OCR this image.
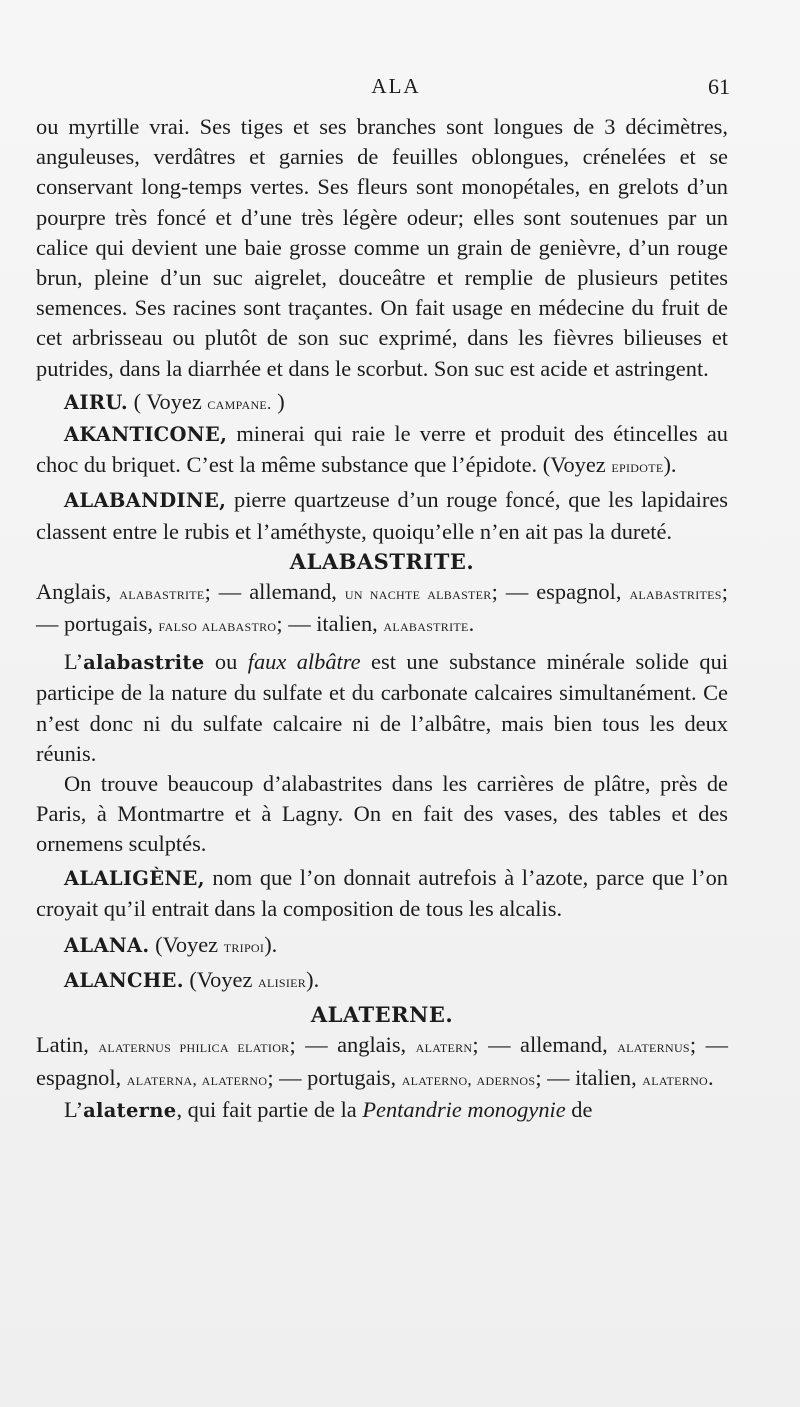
ALA	61

ou myrtille vrai. Ses tiges et ses branches sont longues de 3 décimètres, anguleuses, verdâtres et garnies de feuilles oblongues, crénelées et se conservant long-temps vertes. Ses fleurs sont monopétales, en grelots d’un pourpre très foncé et d’une très légère odeur; elles sont soutenues par un calice qui devient une baie grosse comme un grain de genièvre, d’un rouge brun, pleine d’un suc aigrelet, douceâtre et remplie de plusieurs petites semences. Ses racines sont traçantes. On fait usage en médecine du fruit de cet arbrisseau ou plutôt de son suc exprimé, dans les fièvres bilieuses et putrides, dans la diarrhée et dans le scorbut. Son suc est acide et astringent.

AIRU. ( Voyez campane. )

AKANTICONE, minerai qui raie le verre et produit des étincelles au choc du briquet. C’est la même substance que l’épidote. (Voyez epidote).

ALABANDINE, pierre quartzeuse d’un rouge foncé, que les lapidaires classent entre le rubis et l’améthyste, quoiqu’elle n’en ait pas la dureté.

ALABASTRITE.

Anglais, alabastrite; — allemand, un nachte albaster; — espagnol, alabastrites; — portugais, falso alabastro; — italien, alabastrite.

L’alabastrite ou faux albâtre est une substance minérale solide qui participe de la nature du sulfate et du carbonate calcaires simultanément. Ce n’est donc ni du sulfate calcaire ni de l’albâtre, mais bien tous les deux réunis.

On trouve beaucoup d’alabastrites dans les carrières de plâtre, près de Paris, à Montmartre et à Lagny. On en fait des vases, des tables et des ornemens sculptés.

ALALIGÈNE, nom que l’on donnait autrefois à l’azote, parce que l’on croyait qu’il entrait dans la composition de tous les alcalis.

ALANA. (Voyez tripoi).

ALANCHE. (Voyez alisier).

ALATERNE.

Latin, alaternus philica elatior; — anglais, alatern; — allemand, alaternus; — espagnol, alaterna, alaterno; — portugais, alaterno, adernos; — italien, alaterno.

L’alaterne, qui fait partie de la Pentandrie monogynie de
